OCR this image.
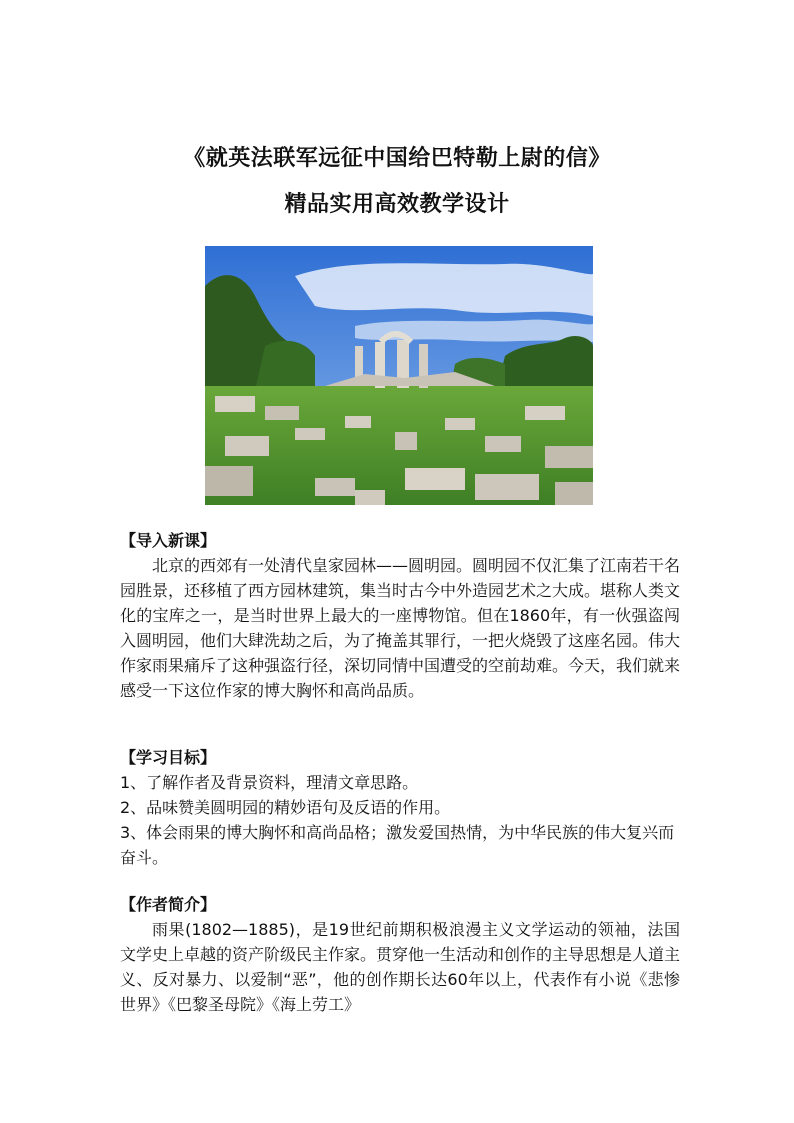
《就英法联军远征中国给巴特勒上尉的信》
精品实用高效教学设计

【导入新课】

北京的西郊有一处清代皇家园林——圆明园。圆明园不仅汇集了江南若干名园胜景，还移植了西方园林建筑，集当时古今中外造园艺术之大成。堪称人类文化的宝库之一，是当时世界上最大的一座博物馆。但在1860年，有一伙强盗闯入圆明园，他们大肆洗劫之后，为了掩盖其罪行，一把火烧毁了这座名园。伟大作家雨果痛斥了这种强盗行径，深切同情中国遭受的空前劫难。今天，我们就来感受一下这位作家的博大胸怀和高尚品质。

【学习目标】

1、了解作者及背景资料，理清文章思路。

2、品味赞美圆明园的精妙语句及反语的作用。

3、体会雨果的博大胸怀和高尚品格；激发爱国热情，为中华民族的伟大复兴而奋斗。

【作者简介】

雨果(1802—1885)，是19世纪前期积极浪漫主义文学运动的领袖，法国文学史上卓越的资产阶级民主作家。贯穿他一生活动和创作的主导思想是人道主义、反对暴力、以爱制“恶”，他的创作期长达60年以上，代表作有小说《悲惨世界》《巴黎圣母院》《海上劳工》
